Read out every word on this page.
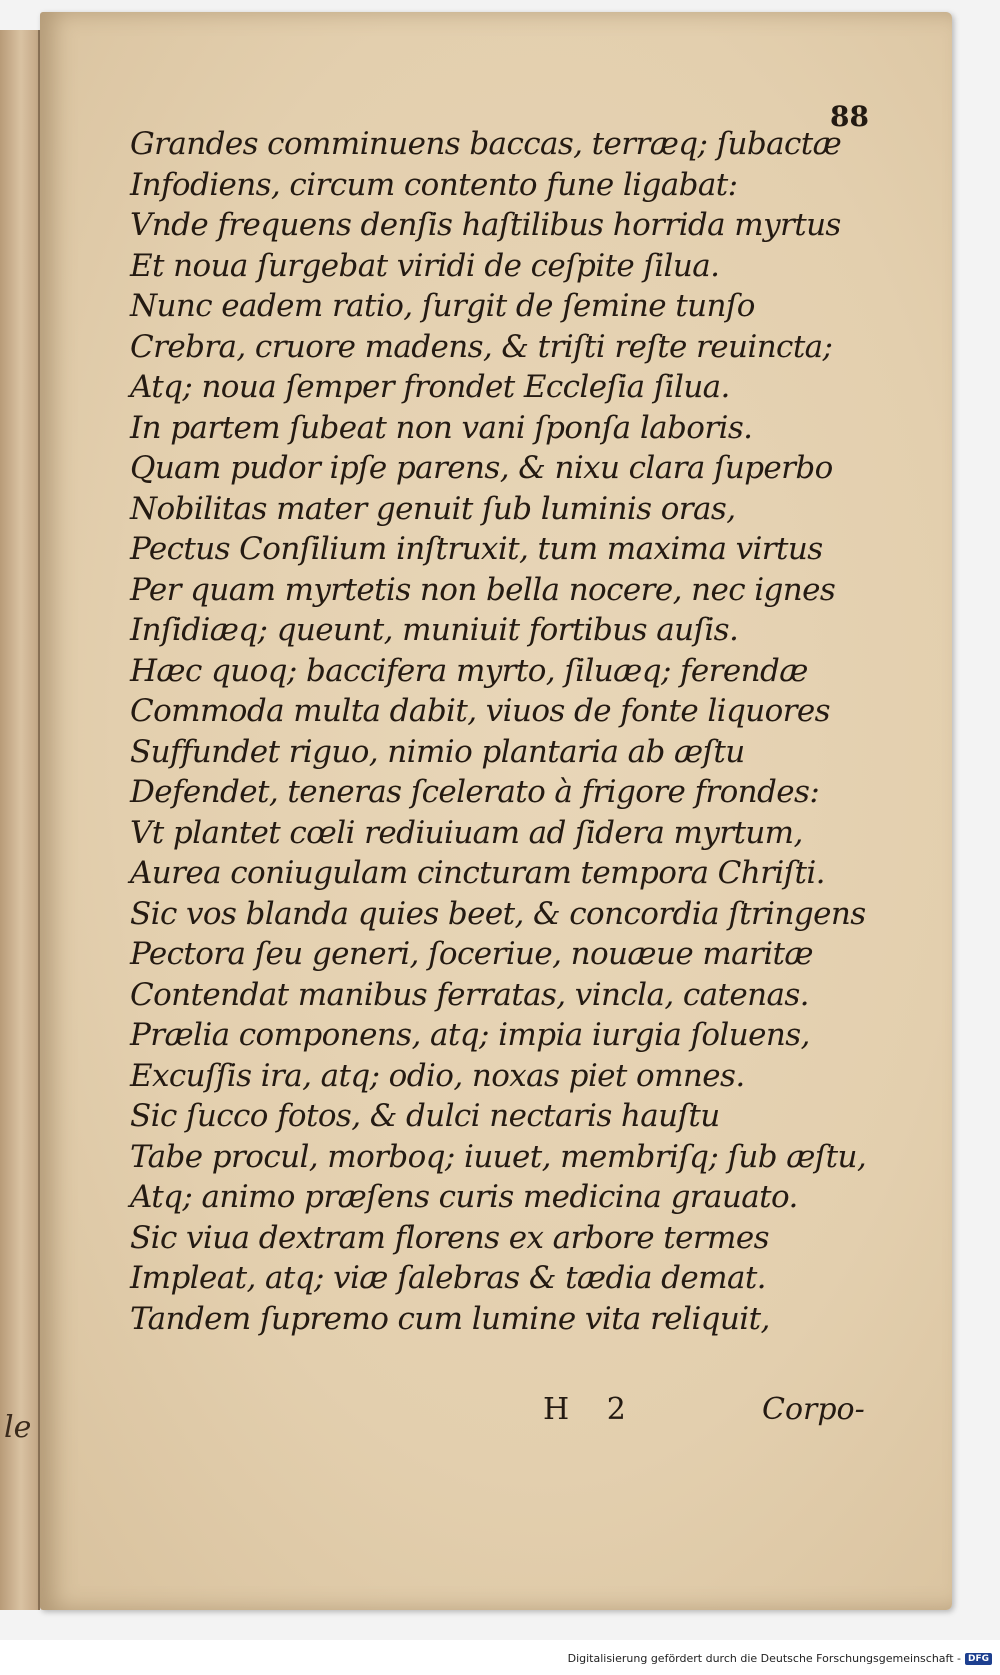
le
88
Grandes comminuens baccas, terræq; ſubactæ
Infodiens, circum contento fune ligabat:
Vnde frequens denſis haſtilibus horrida myrtus
Et noua ſurgebat viridi de ceſpite ſilua.
Nunc eadem ratio, ſurgit de ſemine tunſo
Crebra, cruore madens, & triſti reſte reuincta;
Atq; noua ſemper frondet Eccleſia ſilua.
In partem ſubeat non vani ſponſa laboris.
Quam pudor ipſe parens, & nixu clara ſuperbo
Nobilitas mater genuit ſub luminis oras,
Pectus Conſilium inſtruxit, tum maxima virtus
Per quam myrtetis non bella nocere, nec ignes
Inſidiæq; queunt, muniuit fortibus auſis.
Hæc quoq; baccifera myrto, ſiluæq; ferendæ
Commoda multa dabit, viuos de fonte liquores
Suffundet riguo, nimio plantaria ab æſtu
Defendet, teneras ſcelerato à frigore frondes:
Vt plantet cœli rediuiuam ad ſidera myrtum,
Aurea coniugulam cincturam tempora Chriſti.
Sic vos blanda quies beet, & concordia ſtringens
Pectora ſeu generi, ſoceriue, nouæue maritæ
Contendat manibus ferratas, vincla, catenas.
Prælia componens, atq; impia iurgia ſoluens,
Excuſſis ira, atq; odio, noxas piet omnes.
Sic ſucco fotos, & dulci nectaris hauſtu
Tabe procul, morboq; iuuet, membriſq; ſub æſtu,
Atq; animo præſens curis medicina grauato.
Sic viua dextram florens ex arbore termes
Impleat, atq; viæ ſalebras & tædia demat.
Tandem ſupremo cum lumine vita reliquit,
H 2	Corpo-
Digitalisierung gefördert durch die Deutsche Forschungsgemeinschaft - DFG
